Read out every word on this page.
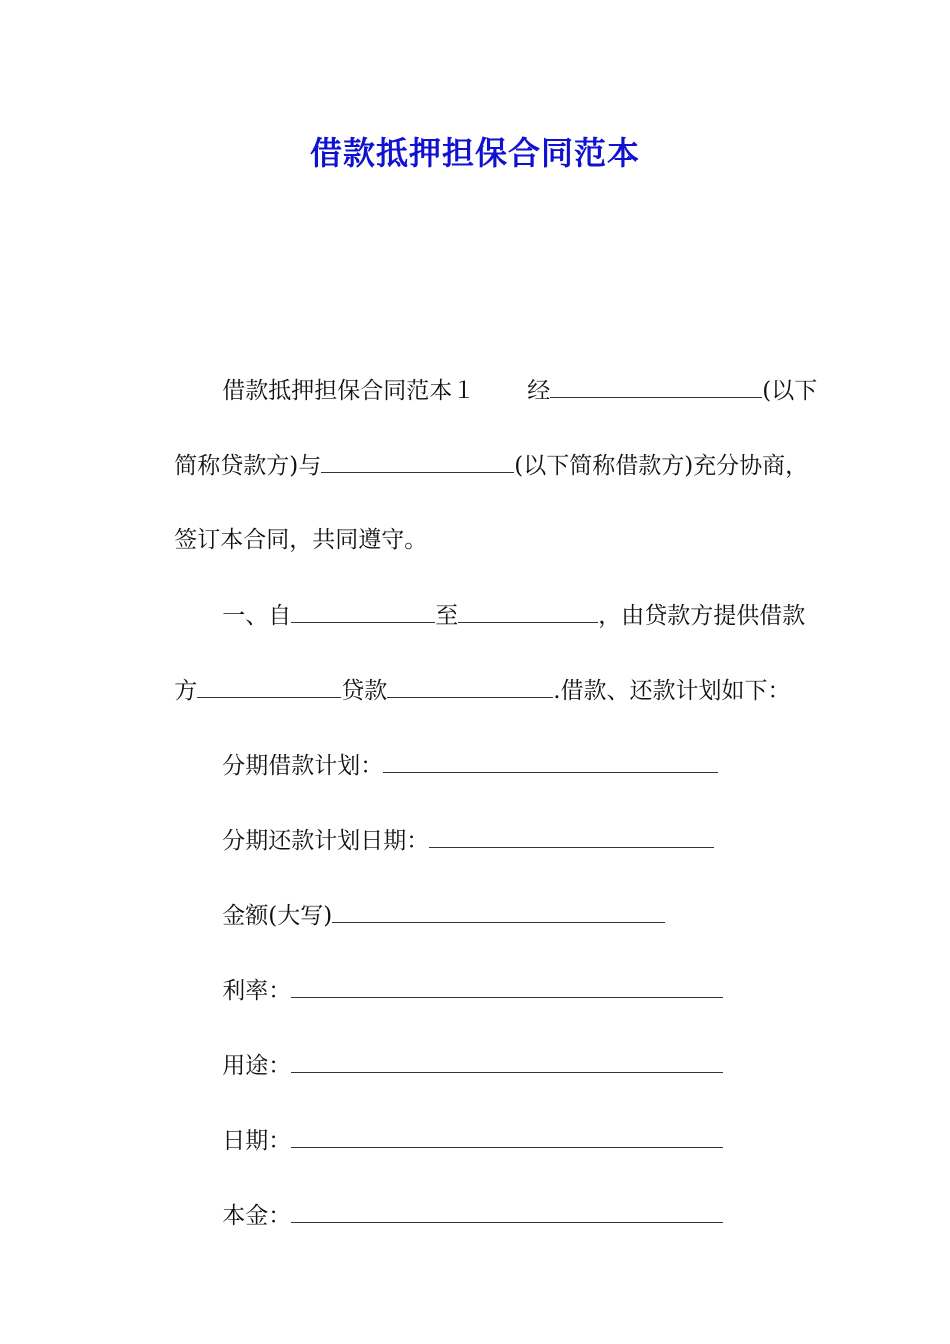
借款抵押担保合同范本

借款抵押担保合同范本１ 经	(以下

简称贷款方)与	(以下简称借款方)充分协商，

签订本合同，共同遵守。

一、自	至	，由贷款方提供借款

方	贷款	.借款、还款计划如下：

分期借款计划：

分期还款计划日期：

金额(大写)

利率：

用途：

日期：

本金：
